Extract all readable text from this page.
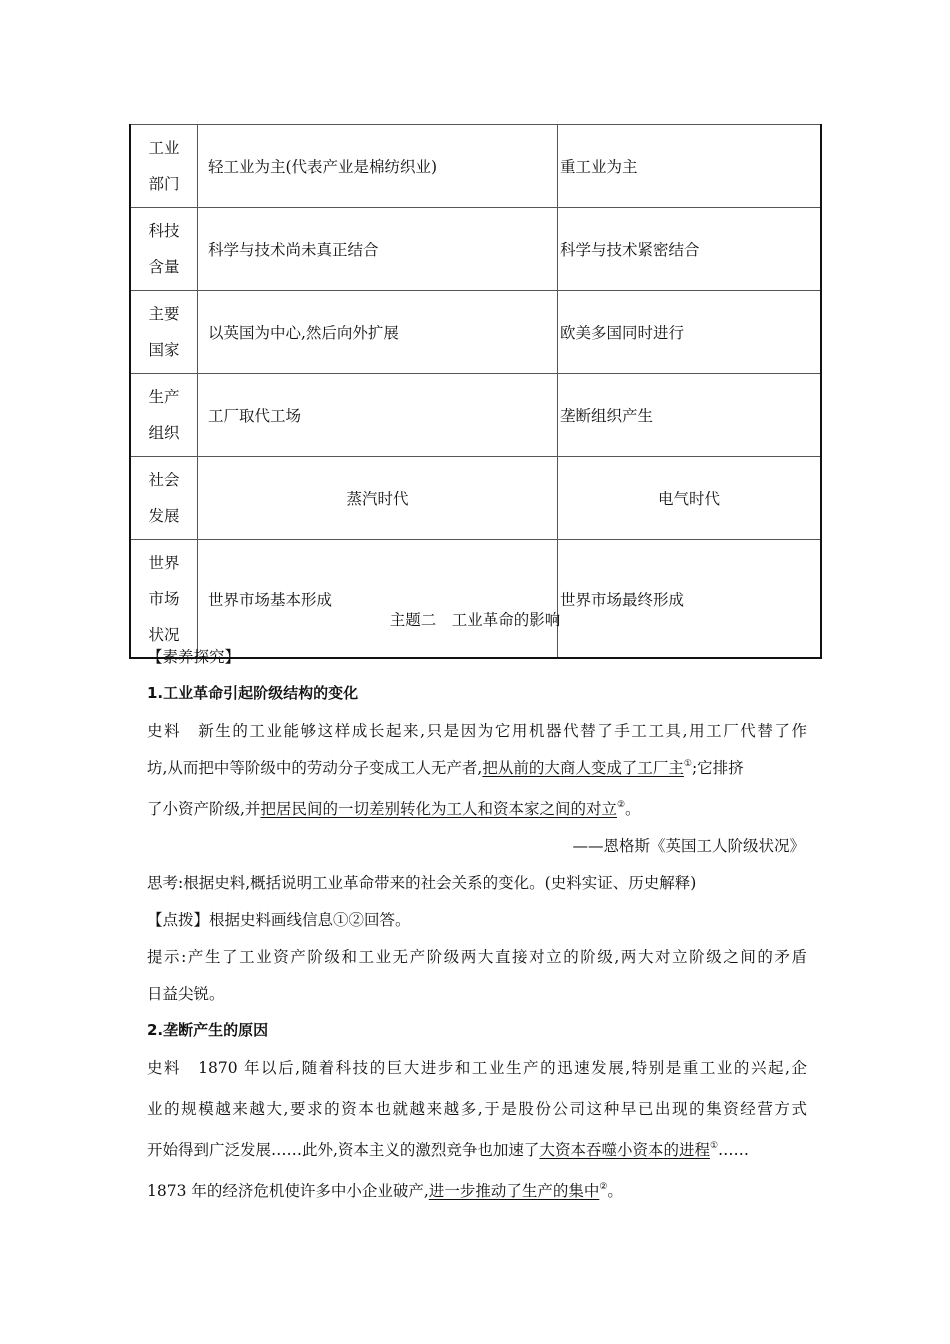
工业
部门	轻工业为主(代表产业是棉纺织业)	重工业为主
科技
含量	科学与技术尚未真正结合	科学与技术紧密结合
主要
国家	以英国为中心,然后向外扩展	欧美多国同时进行
生产
组织	工厂取代工场	垄断组织产生
社会
发展	蒸汽时代	电气时代
世界
市场
状况	世界市场基本形成	世界市场最终形成
主题二　工业革命的影响
【素养探究】
1.工业革命引起阶级结构的变化
史料　新生的工业能够这样成长起来,只是因为它用机器代替了手工工具,用工厂代替了作
坊,从而把中等阶级中的劳动分子变成工人无产者,把从前的大商人变成了工厂主①;它排挤
了小资产阶级,并把居民间的一切差别转化为工人和资本家之间的对立②。
——恩格斯《英国工人阶级状况》
思考:根据史料,概括说明工业革命带来的社会关系的变化。(史料实证、历史解释)
【点拨】根据史料画线信息①②回答。
提示:产生了工业资产阶级和工业无产阶级两大直接对立的阶级,两大对立阶级之间的矛盾
日益尖锐。
2.垄断产生的原因
史料　1870 年以后,随着科技的巨大进步和工业生产的迅速发展,特别是重工业的兴起,企
业的规模越来越大,要求的资本也就越来越多,于是股份公司这种早已出现的集资经营方式
开始得到广泛发展……此外,资本主义的激烈竞争也加速了大资本吞噬小资本的进程①……
1873 年的经济危机使许多中小企业破产,进一步推动了生产的集中②。
